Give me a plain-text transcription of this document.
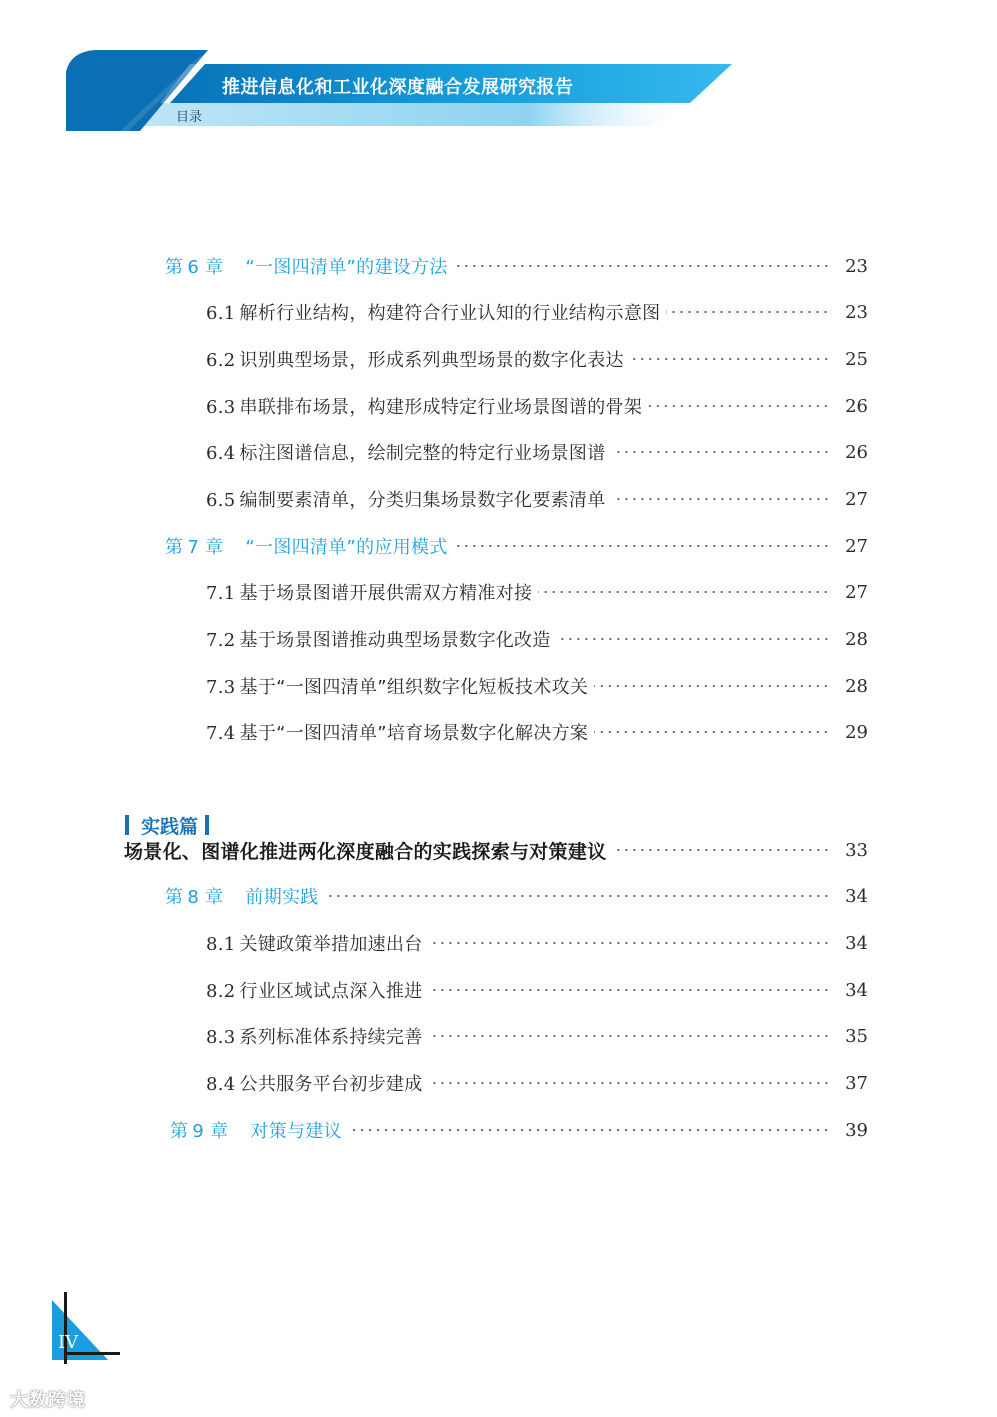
推进信息化和工业化深度融合发展研究报告
目录
第 6 章 “一图四清单”的建设方法	23
6.1 解析行业结构，构建符合行业认知的行业结构示意图	23
6.2 识别典型场景，形成系列典型场景的数字化表达	25
6.3 串联排布场景，构建形成特定行业场景图谱的骨架	26
6.4 标注图谱信息，绘制完整的特定行业场景图谱	26
6.5 编制要素清单，分类归集场景数字化要素清单	27
第 7 章 “一图四清单”的应用模式	27
7.1 基于场景图谱开展供需双方精准对接	27
7.2 基于场景图谱推动典型场景数字化改造	28
7.3 基于“一图四清单”组织数字化短板技术攻关	28
7.4 基于“一图四清单”培育场景数字化解决方案	29
实践篇
场景化、图谱化推进两化深度融合的实践探索与对策建议	33
第 8 章 前期实践	34
8.1 关键政策举措加速出台	34
8.2 行业区域试点深入推进	34
8.3 系列标准体系持续完善	35
8.4 公共服务平台初步建成	37
第 9 章 对策与建议	39
IV
大数跨境
